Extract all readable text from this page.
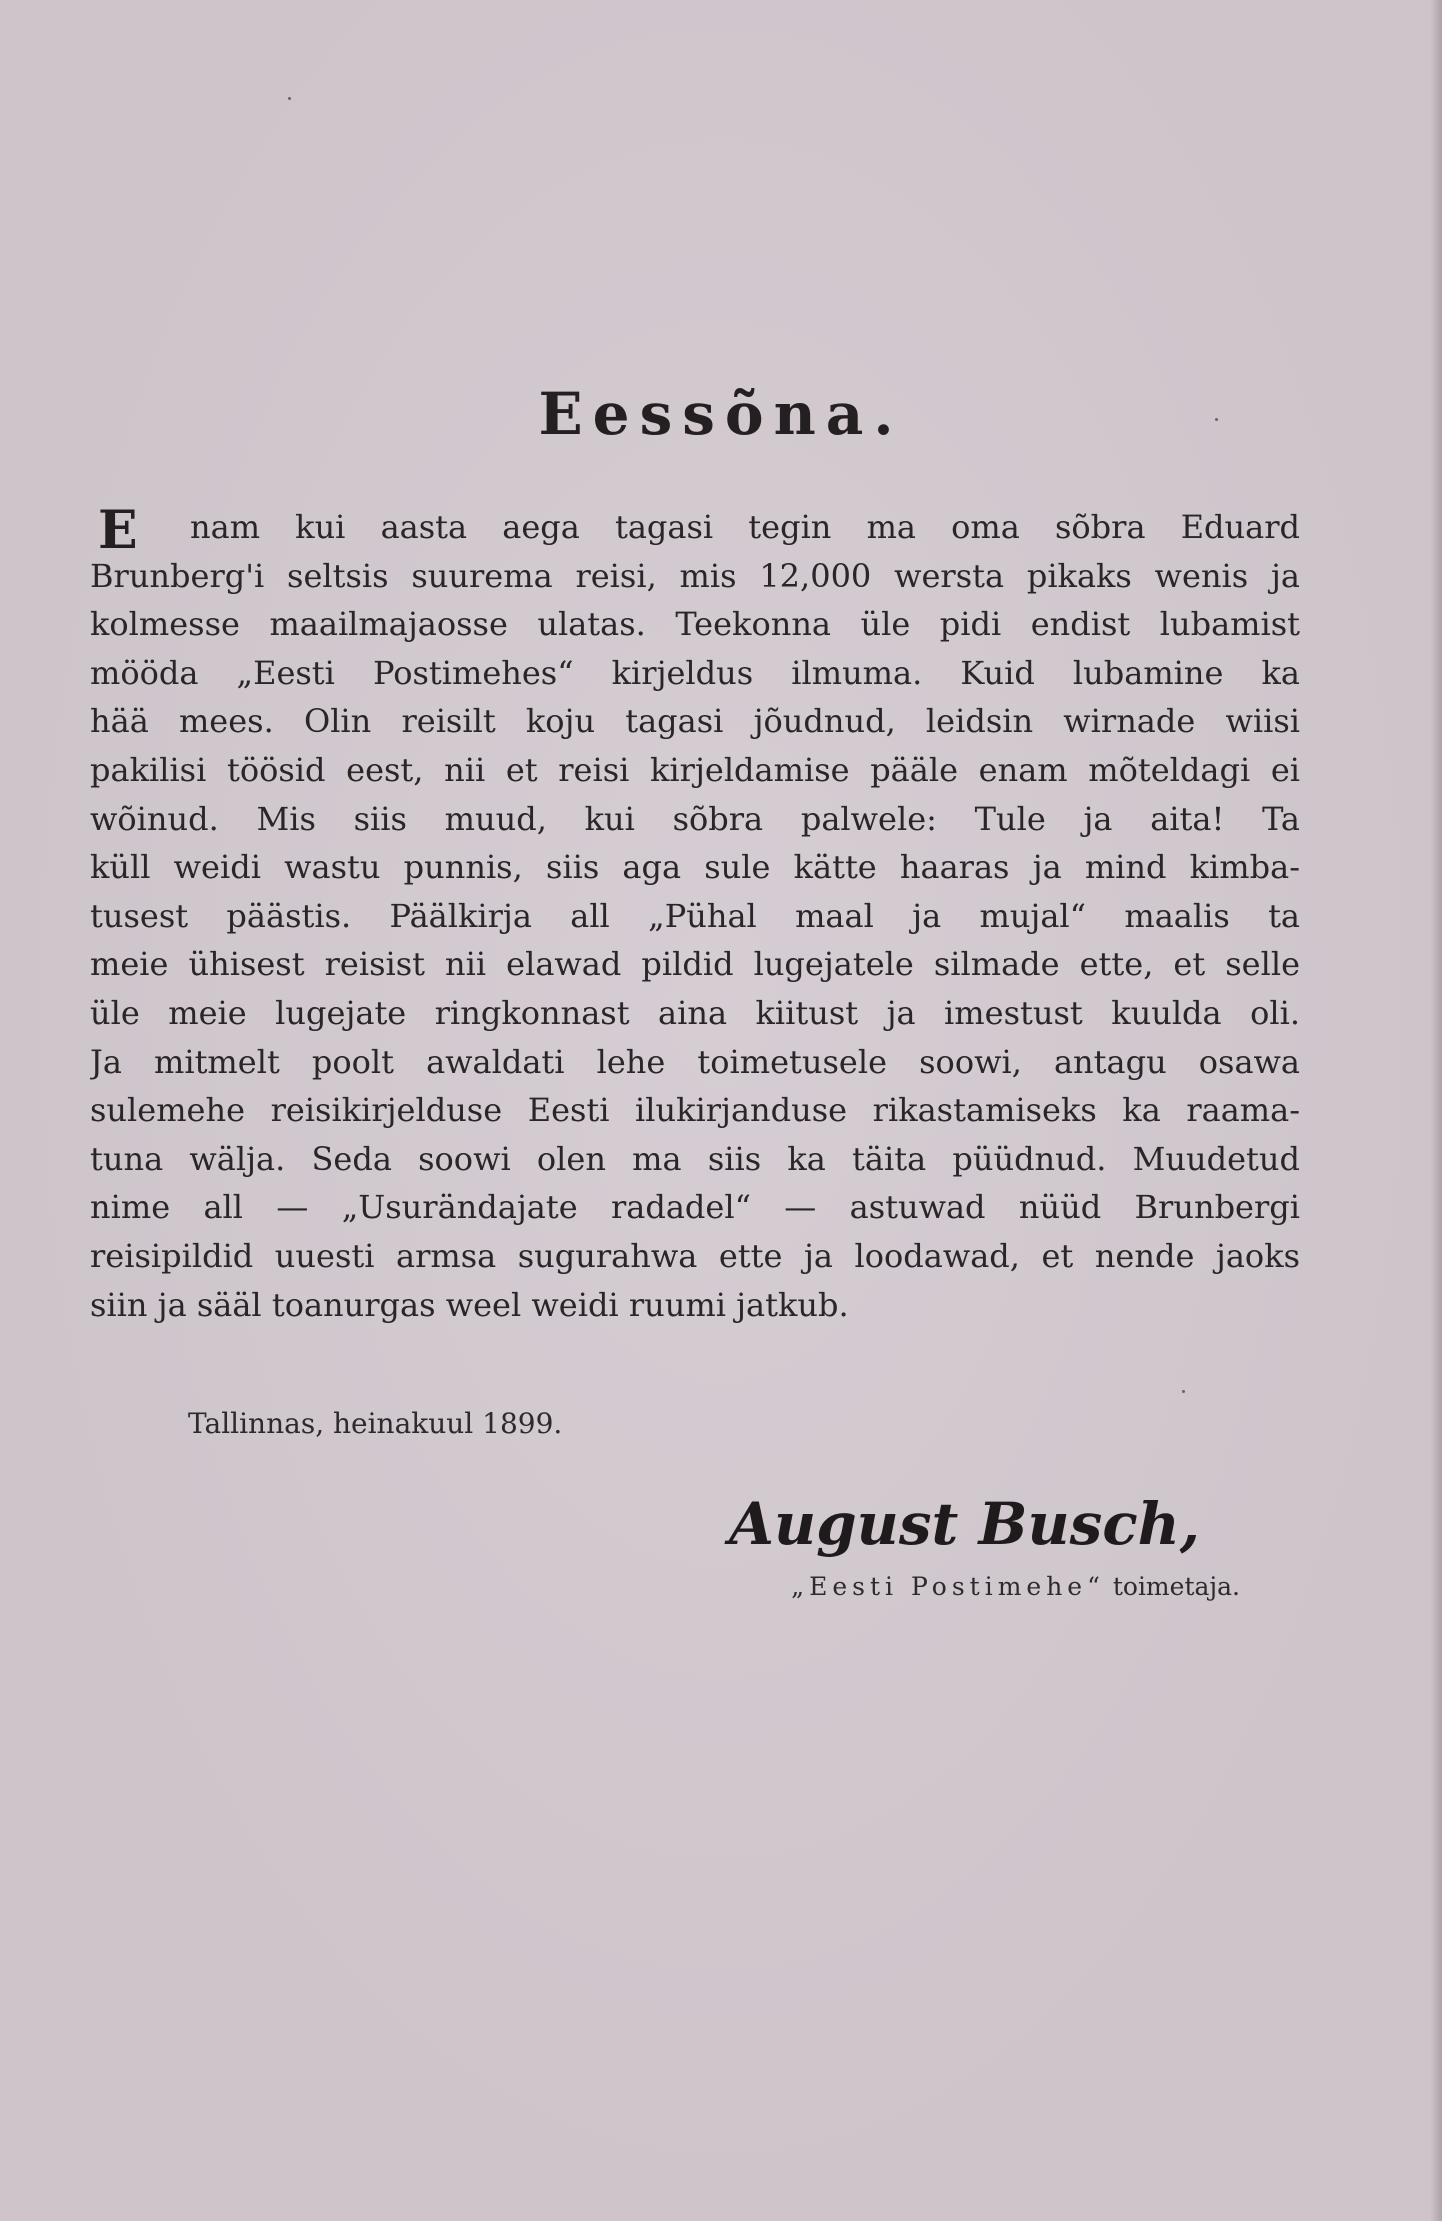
Eessõna.
E	nam kui aasta aega tagasi tegin ma oma sõbra Eduard
Brunberg'i seltsis suurema reisi, mis 12,000 wersta pikaks wenis ja
kolmesse maailmajaosse ulatas. Teekonna üle pidi endist lubamist
mööda „Eesti Postimehes“ kirjeldus ilmuma. Kuid lubamine ka
hää mees. Olin reisilt koju tagasi jõudnud, leidsin wirnade wiisi
pakilisi töösid eest, nii et reisi kirjeldamise pääle enam mõteldagi ei
wõinud. Mis siis muud, kui sõbra palwele: Tule ja aita! Ta
küll weidi wastu punnis, siis aga sule kätte haaras ja mind kimba-
tusest päästis. Päälkirja all „Pühal maal ja mujal“ maalis ta
meie ühisest reisist nii elawad pildid lugejatele silmade ette, et selle
üle meie lugejate ringkonnast aina kiitust ja imestust kuulda oli.
Ja mitmelt poolt awaldati lehe toimetusele soowi, antagu osawa
sulemehe reisikirjelduse Eesti ilukirjanduse rikastamiseks ka raama-
tuna wälja. Seda soowi olen ma siis ka täita püüdnud. Muudetud
nime all — „Usurändajate radadel“ — astuwad nüüd Brunbergi
reisipildid uuesti armsa sugurahwa ette ja loodawad, et nende jaoks
siin ja sääl toanurgas weel weidi ruumi jatkub.
Tallinnas, heinakuul 1899.
August Busch,
„Eesti Postimehe“ toimetaja.
